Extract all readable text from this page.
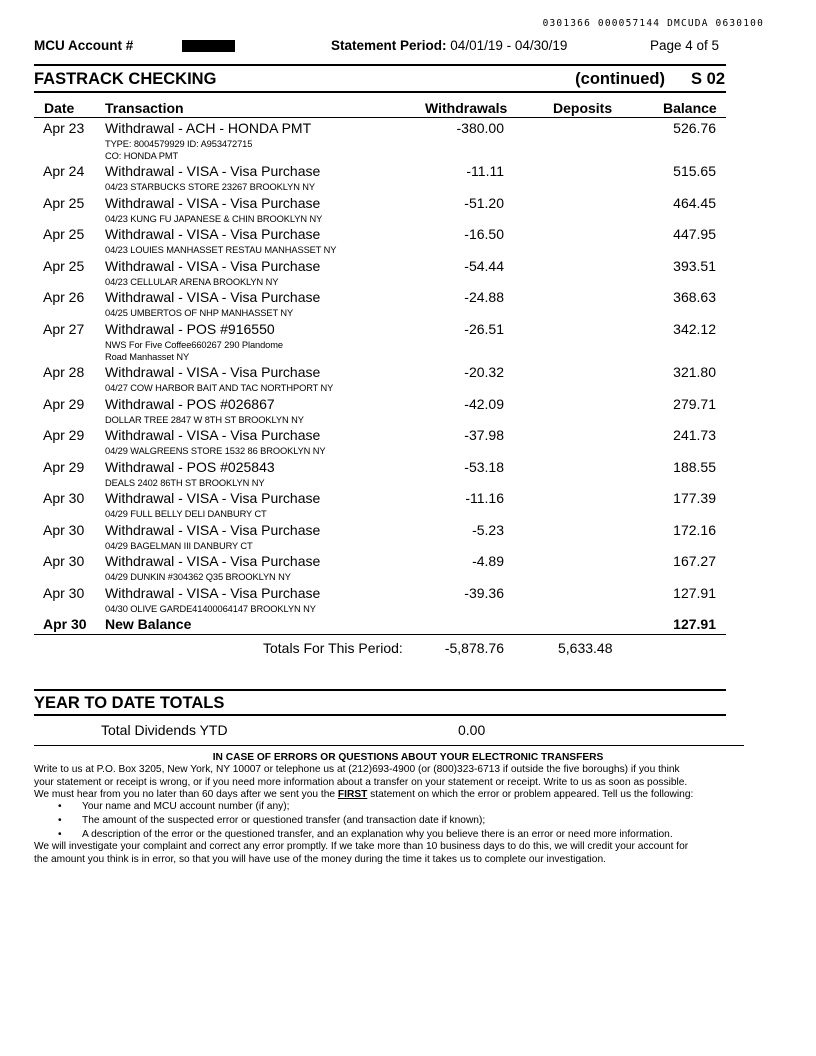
0301366 000057144 DMCUDA 0630100
MCU Account #	Statement Period: 04/01/19 - 04/30/19	Page 4 of 5
FASTRACK CHECKING	(continued) S 02
Date Transaction	Withdrawals	Deposits	Balance
Apr 23 Withdrawal - ACH - HONDA PMT	-380.00	526.76
TYPE: 8004579929 ID: A953472715
CO: HONDA PMT
Apr 24 Withdrawal - VISA - Visa Purchase	-11.11	515.65
04/23 STARBUCKS STORE 23267 BROOKLYN NY
Apr 25 Withdrawal - VISA - Visa Purchase	-51.20	464.45
04/23 KUNG FU JAPANESE & CHIN BROOKLYN NY
Apr 25 Withdrawal - VISA - Visa Purchase	-16.50	447.95
04/23 LOUIES MANHASSET RESTAU MANHASSET NY
Apr 25 Withdrawal - VISA - Visa Purchase	-54.44	393.51
04/23 CELLULAR ARENA BROOKLYN NY
Apr 26 Withdrawal - VISA - Visa Purchase	-24.88	368.63
04/25 UMBERTOS OF NHP MANHASSET NY
Apr 27 Withdrawal - POS #916550	-26.51	342.12
NWS For Five Coffee660267 290 Plandome
Road Manhasset NY
Apr 28 Withdrawal - VISA - Visa Purchase	-20.32	321.80
04/27 COW HARBOR BAIT AND TAC NORTHPORT NY
Apr 29 Withdrawal - POS #026867	-42.09	279.71
DOLLAR TREE 2847 W 8TH ST BROOKLYN NY
Apr 29 Withdrawal - VISA - Visa Purchase	-37.98	241.73
04/29 WALGREENS STORE 1532 86 BROOKLYN NY
Apr 29 Withdrawal - POS #025843	-53.18	188.55
DEALS 2402 86TH ST BROOKLYN NY
Apr 30 Withdrawal - VISA - Visa Purchase	-11.16	177.39
04/29 FULL BELLY DELI DANBURY CT
Apr 30 Withdrawal - VISA - Visa Purchase	-5.23	172.16
04/29 BAGELMAN III DANBURY CT
Apr 30 Withdrawal - VISA - Visa Purchase	-4.89	167.27
04/29 DUNKIN #304362 Q35 BROOKLYN NY
Apr 30 Withdrawal - VISA - Visa Purchase	-39.36	127.91
04/30 OLIVE GARDE41400064147 BROOKLYN NY
Apr 30 New Balance	127.91
Totals For This Period:	-5,878.76	5,633.48
YEAR TO DATE TOTALS
Total Dividends YTD	0.00
IN CASE OF ERRORS OR QUESTIONS ABOUT YOUR ELECTRONIC TRANSFERS
Write to us at P.O. Box 3205, New York, NY 10007 or telephone us at (212)693-4900 (or (800)323-6713 if outside the five boroughs) if you think
your statement or receipt is wrong, or if you need more information about a transfer on your statement or receipt. Write to us as soon as possible.
We must hear from you no later than 60 days after we sent you the FIRST statement on which the error or problem appeared. Tell us the following:
• Your name and MCU account number (if any);
• The amount of the suspected error or questioned transfer (and transaction date if known);
• A description of the error or the questioned transfer, and an explanation why you believe there is an error or need more information.
We will investigate your complaint and correct any error promptly. If we take more than 10 business days to do this, we will credit your account for
the amount you think is in error, so that you will have use of the money during the time it takes us to complete our investigation.
